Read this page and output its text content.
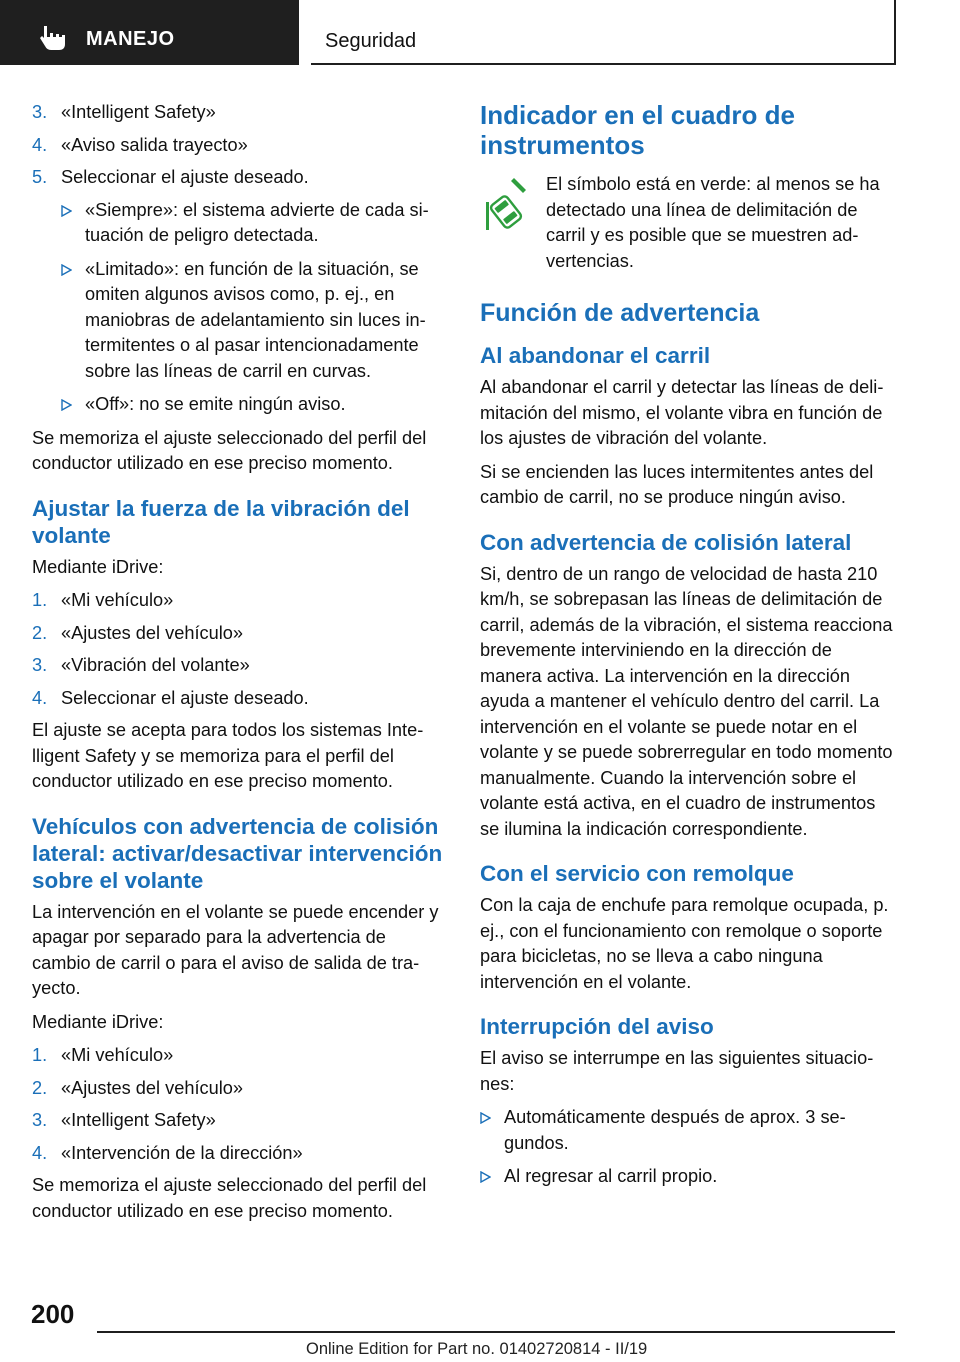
MANEJO	Seguridad
3. «Intelligent Safety»
4. «Aviso salida trayecto»
5. Seleccionar el ajuste deseado.
«Siempre»: el sistema advierte de cada situación de peligro detectada.
«Limitado»: en función de la situación, se omiten algunos avisos como, p. ej., en maniobras de adelantamiento sin luces intermitentes o al pasar intencionadamente sobre las líneas de carril en curvas.
«Off»: no se emite ningún aviso.

Se memoriza el ajuste seleccionado del perfil del conductor utilizado en ese preciso momento.

Ajustar la fuerza de la vibración del volante

Mediante iDrive:

1. «Mi vehículo»
2. «Ajustes del vehículo»
3. «Vibración del volante»
4. Seleccionar el ajuste deseado.

El ajuste se acepta para todos los sistemas Intelligent Safety y se memoriza para el perfil del conductor utilizado en ese preciso momento.

Vehículos con advertencia de colisión lateral: activar/desactivar intervención sobre el volante

La intervención en el volante se puede encender y apagar por separado para la advertencia de cambio de carril o para el aviso de salida de trayecto.

Mediante iDrive:

1. «Mi vehículo»
2. «Ajustes del vehículo»
3. «Intelligent Safety»
4. «Intervención de la dirección»

Se memoriza el ajuste seleccionado del perfil del conductor utilizado en ese preciso momento.

Indicador en el cuadro de instrumentos

El símbolo está en verde: al menos se ha detectado una línea de delimitación de carril y es posible que se muestren advertencias.

Función de advertencia
Al abandonar el carril

Al abandonar el carril y detectar las líneas de delimitación del mismo, el volante vibra en función de los ajustes de vibración del volante.

Si se encienden las luces intermitentes antes del cambio de carril, no se produce ningún aviso.

Con advertencia de colisión lateral

Si, dentro de un rango de velocidad de hasta 210 km/h, se sobrepasan las líneas de delimitación de carril, además de la vibración, el sistema reacciona brevemente interviniendo en la dirección de manera activa. La intervención en la dirección ayuda a mantener el vehículo dentro del carril. La intervención en el volante se puede notar en el volante y se puede sobrerregular en todo momento manualmente. Cuando la intervención sobre el volante está activa, en el cuadro de instrumentos se ilumina la indicación correspondiente.

Con el servicio con remolque

Con la caja de enchufe para remolque ocupada, p. ej., con el funcionamiento con remolque o soporte para bicicletas, no se lleva a cabo ninguna intervención en el volante.

Interrupción del aviso

El aviso se interrumpe en las siguientes situaciones:

Automáticamente después de aprox. 3 segundos.
Al regresar al carril propio.
200
Online Edition for Part no. 01402720814 - II/19
